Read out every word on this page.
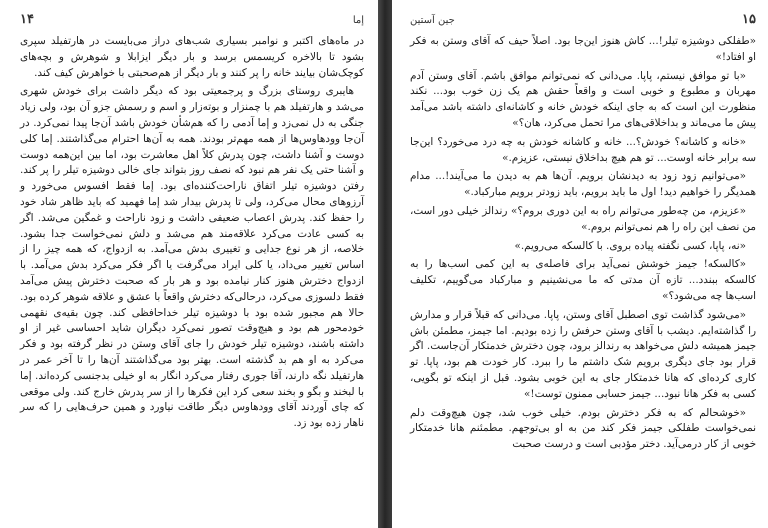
۱۴	إما

در ماه‌های اکتبر و نوامبر بسیاری شب‌های دراز می‌بایست در هارتفیلد سپری بشود تا بالاخره کریسمس برسد و بار دیگر ایزابلا و شوهرش و بچه‌های کوچک‌شان بیایند خانه را پر کنند و بار دیگر از هم‌صحبتی با خواهرش کیف کند.

هایبری روستای بزرگ و پرجمعیتی بود که دیگر داشت برای خودش شهری می‌شد و هارتفیلد هم با چمنزار و بوته‌زار و اسم و رسمش جزو آن بود، ولی زیاد جنگی به دل نمی‌زد و إما آدمی را که هم‌شأن خودش باشد آن‌جا پیدا نمی‌کرد. در آن‌جا وودهاوس‌ها از همه مهم‌تر بودند. همه به آن‌ها احترام می‌گذاشتند. إما کلی دوست و آشنا داشت، چون پدرش کلاً اهل معاشرت بود، اما بین این‌همه دوست و آشنا حتی یک نفر هم نبود که نصف روز بتواند جای خالی دوشیزه تیلر را پر کند. رفتن دوشیزه تیلر اتفاق ناراحت‌کننده‌ای بود. إما فقط افسوس می‌خورد و آرزوهای محال می‌کرد، ولی تا پدرش بیدار شد إما فهمید که باید ظاهر شاد خود را حفظ کند. پدرش اعصاب ضعیفی داشت و زود ناراحت و غمگین می‌شد. اگر به کسی عادت می‌کرد علاقه‌مند هم می‌شد و دلش نمی‌خواست جدا بشود. خلاصه، از هر نوع جدایی و تغییری بدش می‌آمد. به ازدواج، که همه چیز را از اساس تغییر می‌داد، یا کلی ایراد می‌گرفت یا اگر فکر می‌کرد بدش می‌آمد. با ازدواج دخترش هنوز کنار نیامده بود و هر بار که صحبت دخترش پیش می‌آمد فقط دلسوزی می‌کرد، درحالی‌که دخترش واقعاً با عشق و علاقه شوهر کرده بود. حالا هم مجبور شده بود با دوشیزه تیلر خداحافظی کند. چون بقیه‌ی نقهمی خودمحور هم بود و هیچ‌وقت تصور نمی‌کرد دیگران شاید احساسی غیر از او داشته باشند، دوشیزه تیلر خودش را جای آقای وستن در نظر گرفته بود و فکر می‌کرد به او هم بد گذشته است. بهتر بود می‌گذاشتند آن‌ها را تا آخر عمر در هارتفیلد نگه دارند، آقا جوری رفتار می‌کرد انگار به او خیلی بدجنسی کرده‌اند. إما با لبخند و بگو و بخند سعی کرد این فکرها را از سر پدرش خارج کند. ولی موقعی که چای آوردند آقای وودهاوس دیگر طاقت نیاورد و همین حرف‌هایی را که سر ناهار زده بود زد.

جین آستین	۱۵

«طفلکی دوشیزه تیلر!... کاش هنوز این‌جا بود. اصلاً حیف که آقای وستن به فکر او افتاد!»

«با تو موافق نیستم، پاپا. می‌دانی که نمی‌توانم موافق باشم. آقای وستن آدم مهربان و مطبوع و خوبی است و واقعاً حقش هم یک زن خوب بود... نکند منظورت این است که به جای اینکه خودش خانه و کاشانه‌ای داشته باشد می‌آمد پیش ما می‌ماند و بداخلاقی‌های مرا تحمل می‌کرد، هان؟»

«خانه و کاشانه؟ خودش؟... خانه و کاشانه خودش به چه درد می‌خورد؟ این‌جا سه برابر خانه اوست... تو هم هیچ بداخلاق نیستی، عزیزم.»

«می‌توانیم زود زود به دیدنشان برویم. آن‌ها هم به دیدن ما می‌آیند!... مدام همدیگر را خواهیم دید! اول ما باید برویم، باید زودتر برویم مبارکباد.»

«عزیزم، من چه‌طور می‌توانم راه به این دوری بروم؟» رندالز خیلی دور است، من نصف این راه را هم نمی‌توانم بروم.»

«نه، پاپا، کسی نگفته پیاده بروی. با کالسکه می‌رویم.»

«کالسکه! جیمز خوشش نمی‌آید برای فاصله‌ی به این کمی اسب‌ها را به کالسکه ببندد... تازه آن مدتی که ما می‌نشینیم و مبارکباد می‌گوییم، تکلیف اسب‌ها چه می‌شود؟»

«می‌شود گذاشت توی اصطبل آقای وستن، پاپا. می‌دانی که قبلاً قرار و مدارش را گذاشته‌ایم. دیشب با آقای وستن حرفش را زده بودیم. اما جیمز، مطمئن باش جیمز همیشه دلش می‌خواهد به رندالز برود، چون دخترش خدمتکار آن‌جاست. اگر قرار بود جای دیگری برویم شک داشتم ما را ببرد. کار خودت هم بود، پاپا. تو کاری کرده‌ای که هانا خدمتکار جای به این خوبی بشود. قبل از اینکه تو بگویی، کسی به فکر هانا نبود... جیمز حسابی ممنون توست!»

«خوشحالم که به فکر دخترش بودم. خیلی خوب شد، چون هیچ‌وقت دلم نمی‌خواست طفلکی جیمز فکر کند من به او بی‌توجهم. مطمئنم هانا خدمتکار خوبی از کار درمی‌آید. دختر مؤدبی است و درست صحبت
